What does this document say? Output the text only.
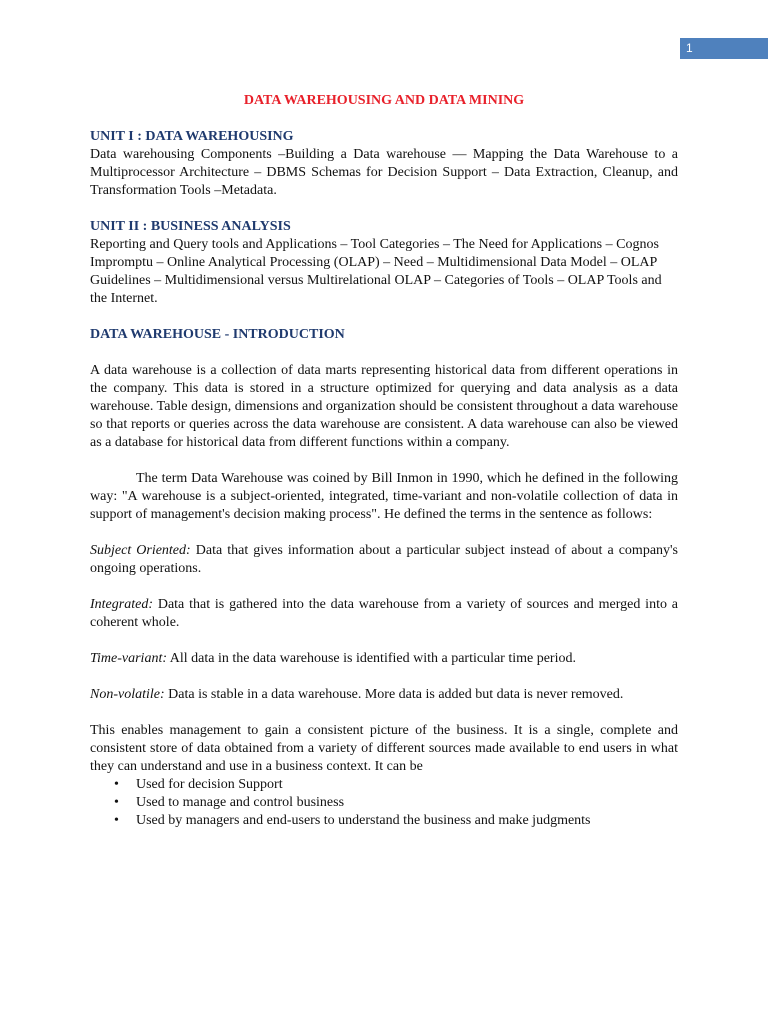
1

DATA WAREHOUSING AND DATA MINING

UNIT I : DATA WAREHOUSING

Data warehousing Components –Building a Data warehouse — Mapping the Data Warehouse to a Multiprocessor Architecture – DBMS Schemas for Decision Support – Data Extraction, Cleanup, and Transformation Tools –Metadata.

UNIT II : BUSINESS ANALYSIS

Reporting and Query tools and Applications – Tool Categories – The Need for Applications – Cognos Impromptu – Online Analytical Processing (OLAP) – Need – Multidimensional Data Model – OLAP Guidelines – Multidimensional versus Multirelational OLAP – Categories of Tools – OLAP Tools and the Internet.

DATA WAREHOUSE - INTRODUCTION

A data warehouse is a collection of data marts representing historical data from different operations in the company. This data is stored in a structure optimized for querying and data analysis as a data warehouse. Table design, dimensions and organization should be consistent throughout a data warehouse so that reports or queries across the data warehouse are consistent. A data warehouse can also be viewed as a database for historical data from different functions within a company.

The term Data Warehouse was coined by Bill Inmon in 1990, which he defined in the following way: "A warehouse is a subject-oriented, integrated, time-variant and non-volatile collection of data in support of management's decision making process". He defined the terms in the sentence as follows:

Subject Oriented: Data that gives information about a particular subject instead of about a company's ongoing operations.

Integrated: Data that is gathered into the data warehouse from a variety of sources and merged into a coherent whole.

Time-variant: All data in the data warehouse is identified with a particular time period.

Non-volatile: Data is stable in a data warehouse. More data is added but data is never removed.

This enables management to gain a consistent picture of the business. It is a single, complete and consistent store of data obtained from a variety of different sources made available to end users in what they can understand and use in a business context. It can be

• Used for decision Support
• Used to manage and control business
• Used by managers and end-users to understand the business and make judgments
